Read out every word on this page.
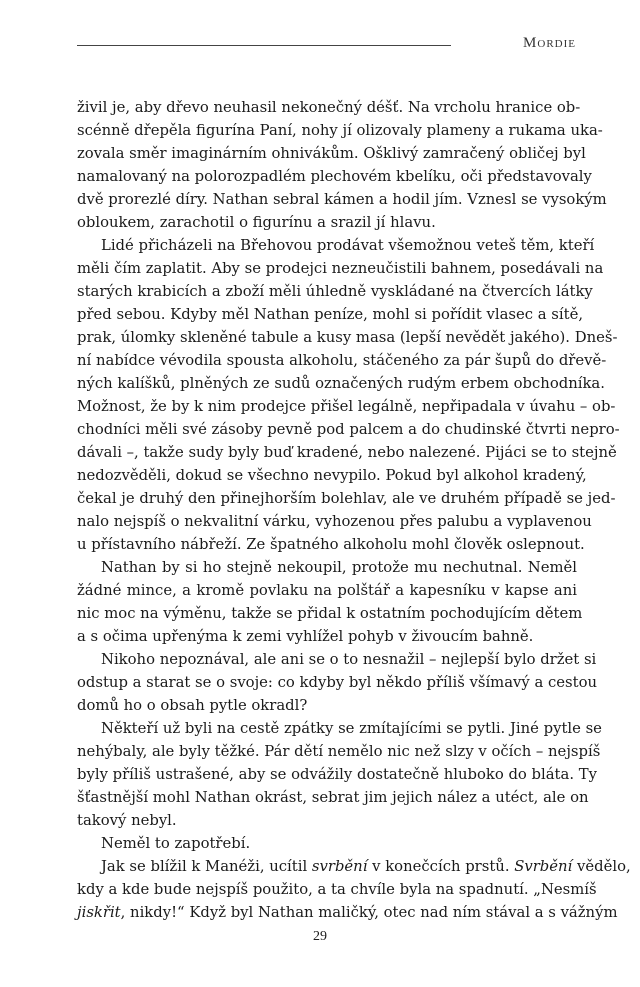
Mordie
živil je, aby dřevo neuhasil nekonečný déšť. Na vrcholu hranice ob-
scénně dřepěla figurína Paní, nohy jí olizovaly plameny a rukama uka-
zovala směr imaginárním ohnivákům. Ošklivý zamračený obličej byl
namalovaný na polorozpadlém plechovém kbelíku, oči představovaly
dvě prorezlé díry. Nathan sebral kámen a hodil jím. Vznesl se vysokým
obloukem, zarachotil o figurínu a srazil jí hlavu.
Lidé přicházeli na Břehovou prodávat všemožnou veteš těm, kteří
měli čím zaplatit. Aby se prodejci nezneučistili bahnem, posedávali na
starých krabicích a zboží měli úhledně vyskládané na čtvercích látky
před sebou. Kdyby měl Nathan peníze, mohl si pořídit vlasec a sítě,
prak, úlomky skleněné tabule a kusy masa (lepší nevědět jakého). Dneš-
ní nabídce vévodila spousta alkoholu, stáčeného za pár šupů do dřevě-
ných kalíšků, plněných ze sudů označených rudým erbem obchodníka.
Možnost, že by k nim prodejce přišel legálně, nepřipadala v úvahu – ob-
chodníci měli své zásoby pevně pod palcem a do chudinské čtvrti nepro-
dávali –, takže sudy byly buď kradené, nebo nalezené. Pijáci se to stejně
nedozvěděli, dokud se všechno nevypilo. Pokud byl alkohol kradený,
čekal je druhý den přinejhorším bolehlav, ale ve druhém případě se jed-
nalo nejspíš o nekvalitní várku, vyhozenou přes palubu a vyplavenou
u přístavního nábřeží. Ze špatného alkoholu mohl člověk oslepnout.
Nathan by si ho stejně nekoupil, protože mu nechutnal. Neměl
žádné mince, a kromě povlaku na polštář a kapesníku v kapse ani
nic moc na výměnu, takže se přidal k ostatním pochodujícím dětem
a s očima upřenýma k zemi vyhlížel pohyb v živoucím bahně.
Nikoho nepoznával, ale ani se o to nesnažil – nejlepší bylo držet si
odstup a starat se o svoje: co kdyby byl někdo příliš všímavý a cestou
domů ho o obsah pytle okradl?
Někteří už byli na cestě zpátky se zmítajícími se pytli. Jiné pytle se
nehýbaly, ale byly těžké. Pár dětí nemělo nic než slzy v očích – nejspíš
byly příliš ustrašené, aby se odvážily dostatečně hluboko do bláta. Ty
šťastnější mohl Nathan okrást, sebrat jim jejich nález a utéct, ale on
takový nebyl.
Neměl to zapotřebí.
Jak se blížil k Manéži, ucítil svrbění v konečcích prstů. Svrbění vědělo,
kdy a kde bude nejspíš použito, a ta chvíle byla na spadnutí. „Nesmíš
jiskřit, nikdy!“ Když byl Nathan maličký, otec nad ním stával a s vážným
29
